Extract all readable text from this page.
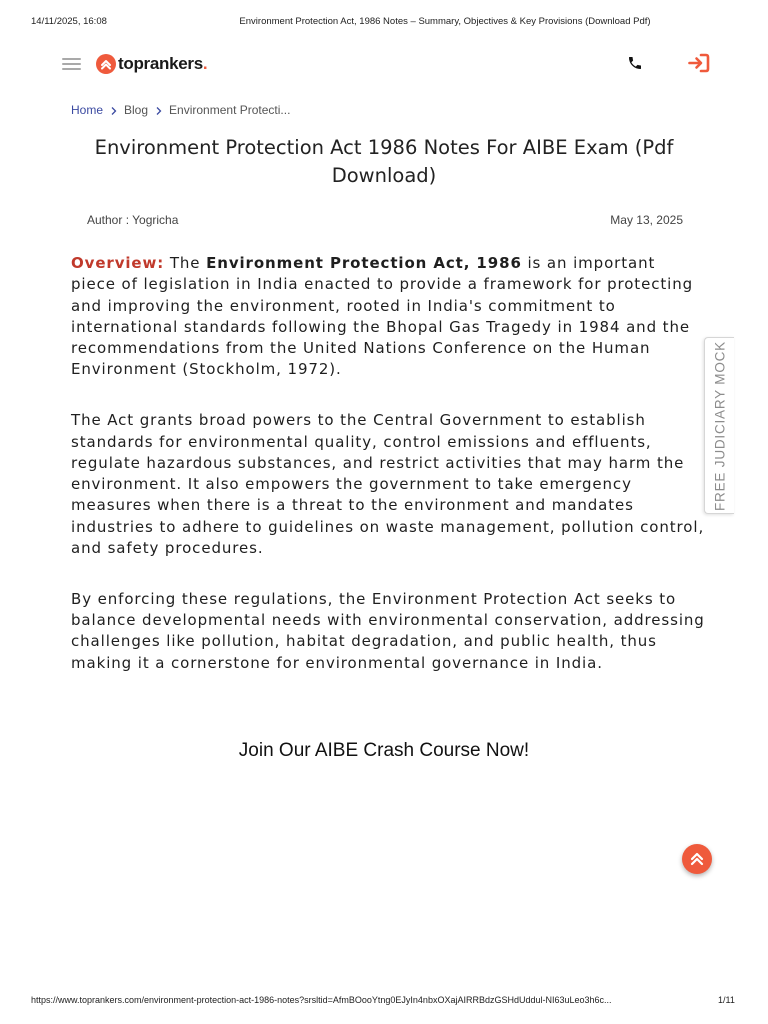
14/11/2025, 16:08	Environment Protection Act, 1986 Notes – Summary, Objectives & Key Provisions (Download Pdf)
toprankers.
Home Blog Environment Protecti...
Environment Protection Act 1986 Notes For AIBE Exam (Pdf Download)
Author : Yogricha	May 13, 2025

Overview: The Environment Protection Act, 1986 is an important piece of legislation in India enacted to provide a framework for protecting and improving the environment, rooted in India's commitment to international standards following the Bhopal Gas Tragedy in 1984 and the recommendations from the United Nations Conference on the Human Environment (Stockholm, 1972).

The Act grants broad powers to the Central Government to establish standards for environmental quality, control emissions and effluents, regulate hazardous substances, and restrict activities that may harm the environment. It also empowers the government to take emergency measures when there is a threat to the environment and mandates industries to adhere to guidelines on waste management, pollution control, and safety procedures.

By enforcing these regulations, the Environment Protection Act seeks to balance developmental needs with environmental conservation, addressing challenges like pollution, habitat degradation, and public health, thus making it a cornerstone for environmental governance in India.

Join Our AIBE Crash Course Now!
FREE JUDICIARY MOCK
https://www.toprankers.com/environment-protection-act-1986-notes?srsltid=AfmBOooYtng0EJyIn4nbxOXajAIRRBdzGSHdUddul-NI63uLeo3h6c...	1/11
